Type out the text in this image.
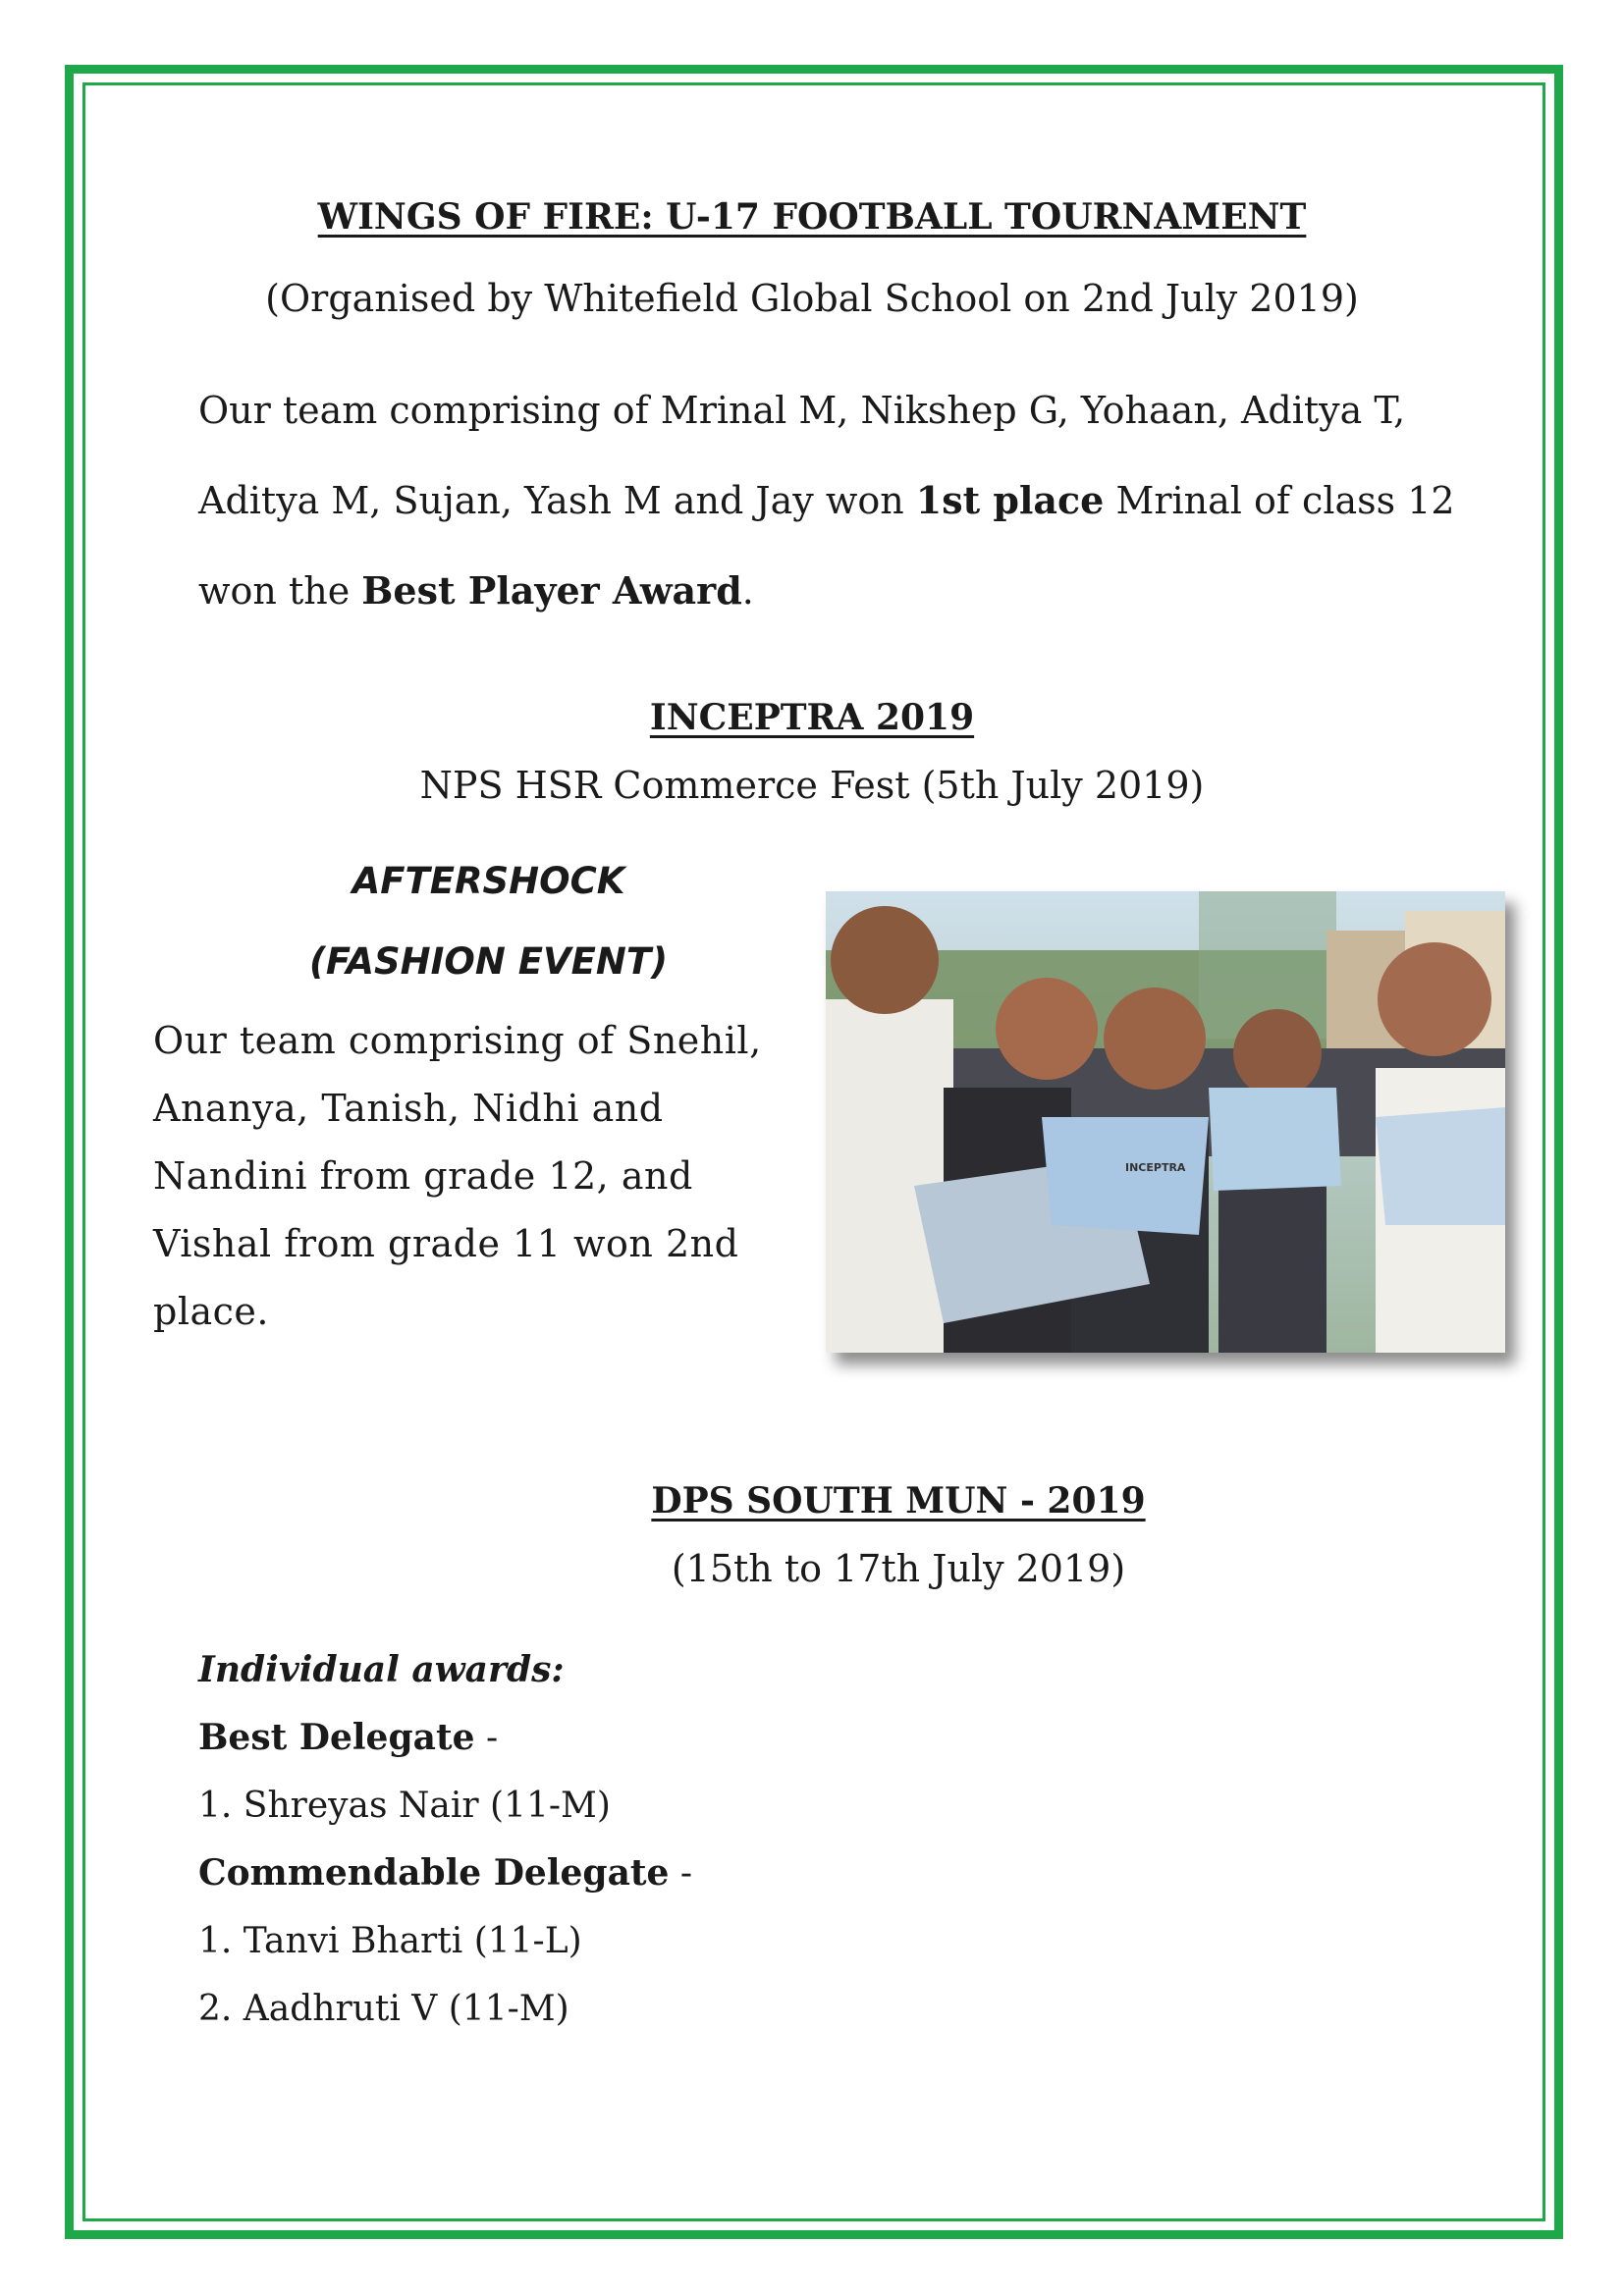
WINGS OF FIRE: U-17 FOOTBALL TOURNAMENT
(Organised by Whitefield Global School on 2nd July 2019)
Our team comprising of Mrinal M, Nikshep G, Yohaan, Aditya T,
Aditya M, Sujan, Yash M and Jay won 1st place Mrinal of class 12
won the Best Player Award.
INCEPTRA 2019
NPS HSR Commerce Fest (5th July 2019)
AFTERSHOCK
(FASHION EVENT)
Our team comprising of Snehil,
Ananya, Tanish, Nidhi and
Nandini from grade 12, and
Vishal from grade 11 won 2nd
place.
INCEPTRA
DPS SOUTH MUN - 2019
(15th to 17th July 2019)
Individual awards:
Best Delegate -
1. Shreyas Nair (11-M)
Commendable Delegate -
1. Tanvi Bharti (11-L)
2. Aadhruti V (11-M)
